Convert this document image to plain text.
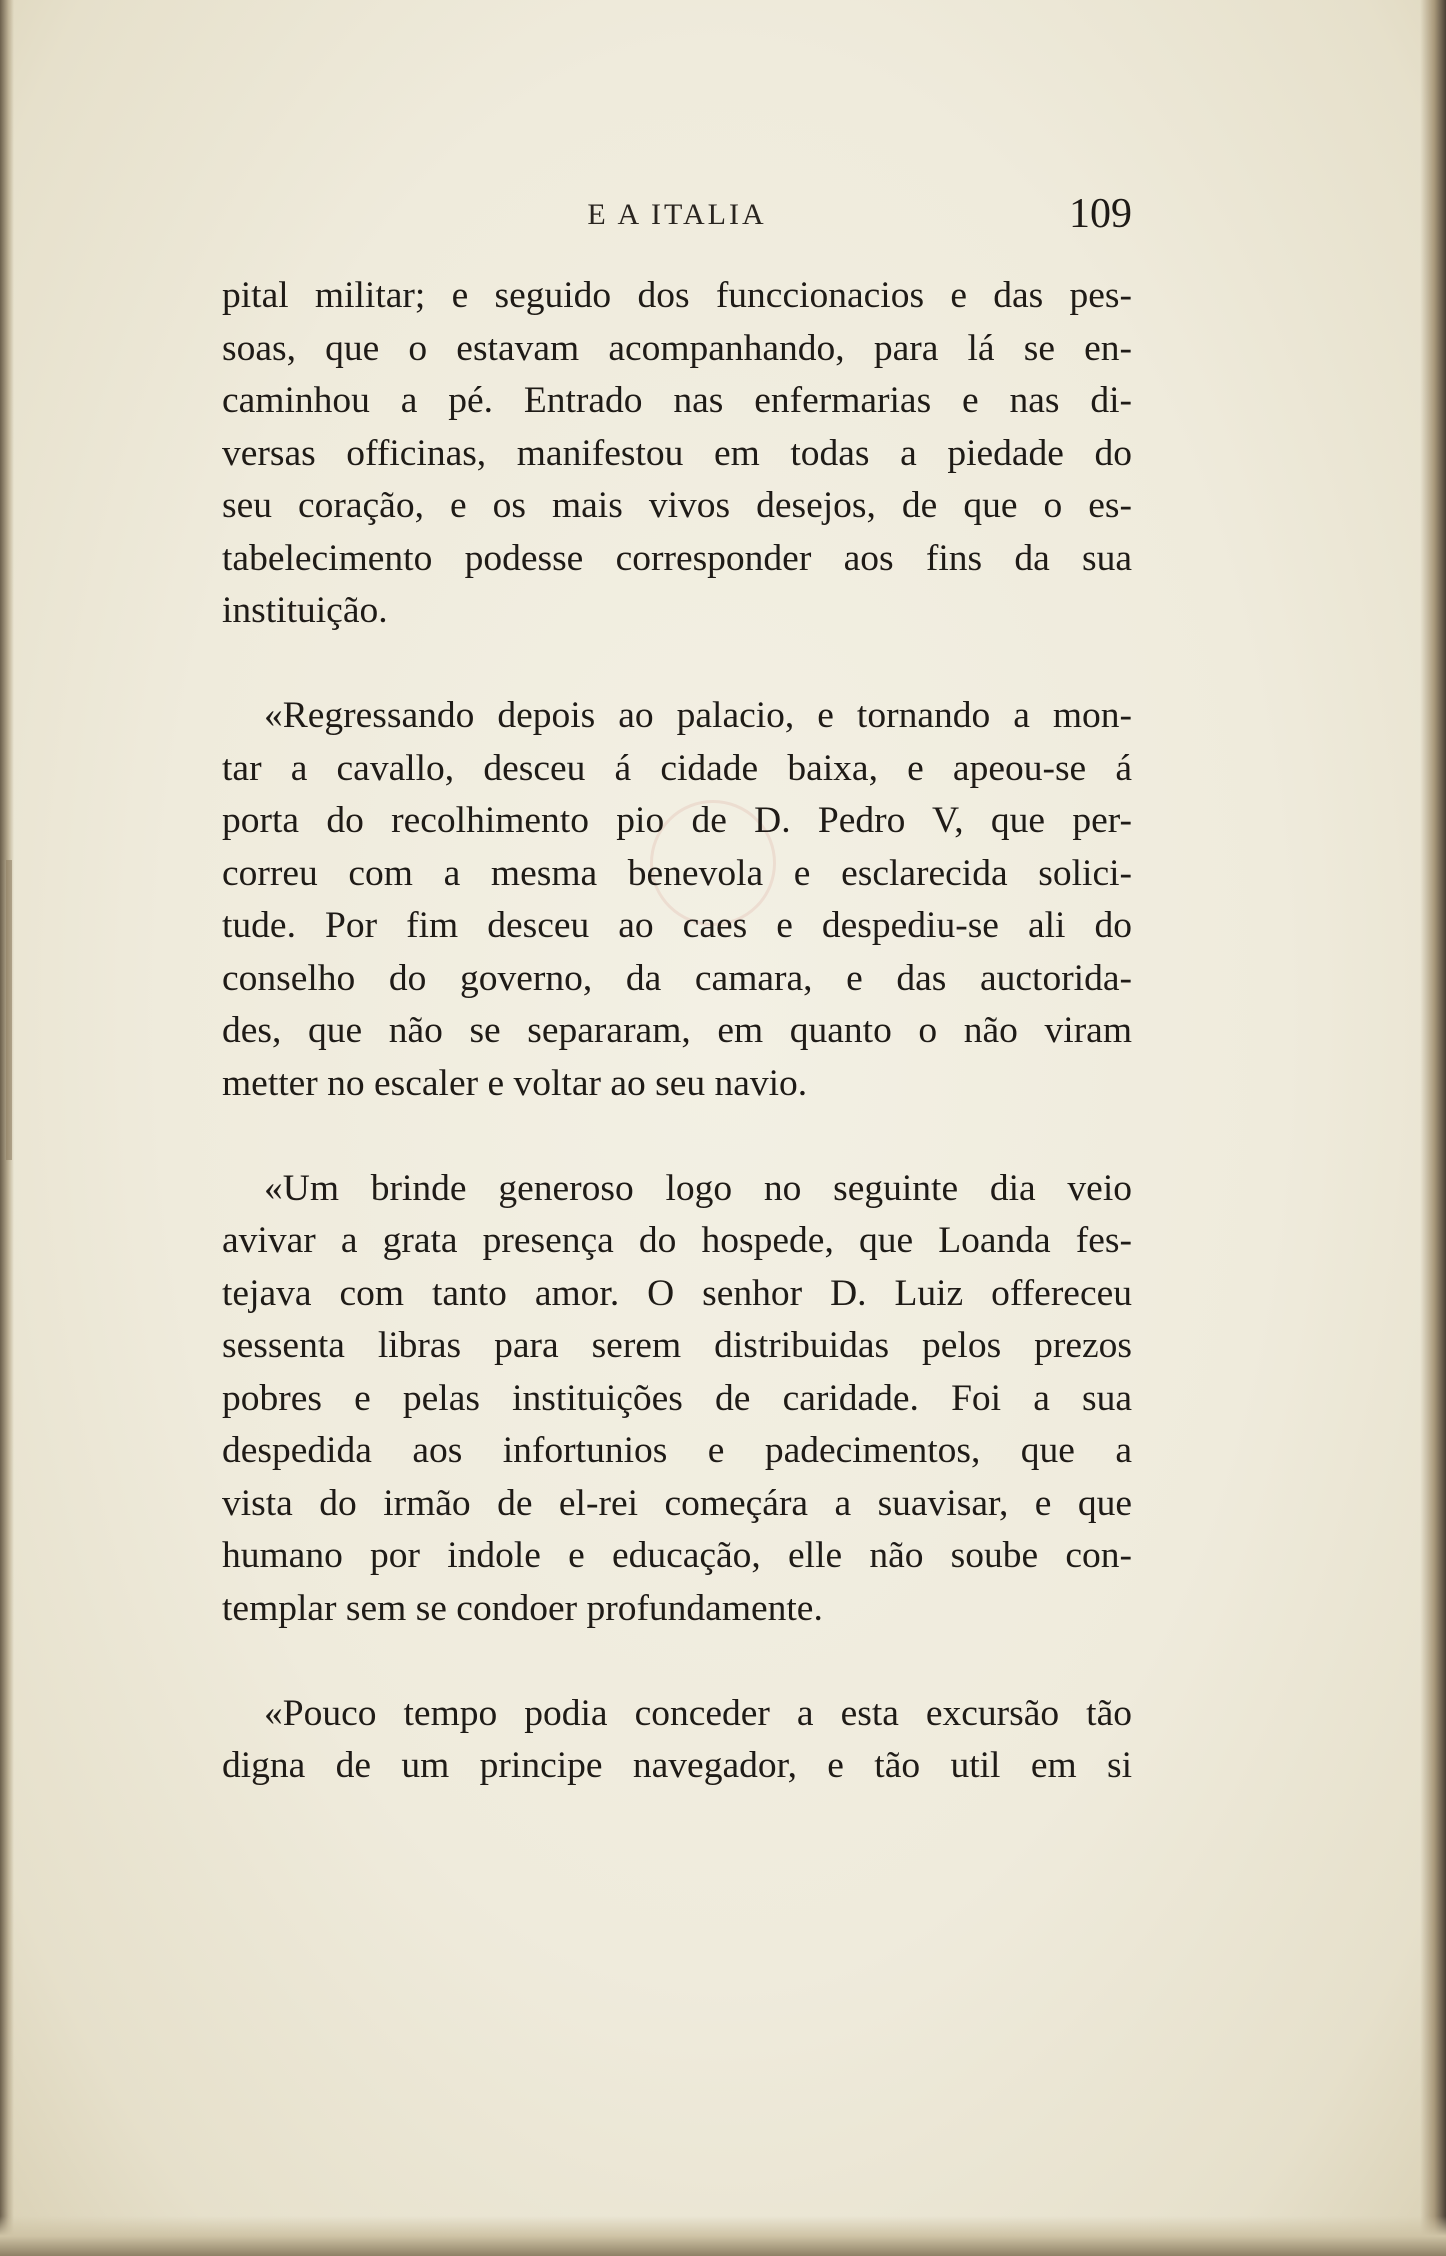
E A ITALIA	109
pital militar; e seguido dos funccionacios e das pes-
soas, que o estavam acompanhando, para lá se en-
caminhou a pé. Entrado nas enfermarias e nas di-
versas officinas, manifestou em todas a piedade do
seu coração, e os mais vivos desejos, de que o es-
tabelecimento podesse corresponder aos fins da sua
instituição.
«Regressando depois ao palacio, e tornando a mon-
tar a cavallo, desceu á cidade baixa, e apeou-se á
porta do recolhimento pio de D. Pedro V, que per-
correu com a mesma benevola e esclarecida solici-
tude. Por fim desceu ao caes e despediu-se ali do
conselho do governo, da camara, e das auctorida-
des, que não se separaram, em quanto o não viram
metter no escaler e voltar ao seu navio.
«Um brinde generoso logo no seguinte dia veio
avivar a grata presença do hospede, que Loanda fes-
tejava com tanto amor. O senhor D. Luiz offereceu
sessenta libras para serem distribuidas pelos prezos
pobres e pelas instituições de caridade. Foi a sua
despedida aos infortunios e padecimentos, que a
vista do irmão de el-rei começára a suavisar, e que
humano por indole e educação, elle não soube con-
templar sem se condoer profundamente.
«Pouco tempo podia conceder a esta excursão tão
digna de um principe navegador, e tão util em si
